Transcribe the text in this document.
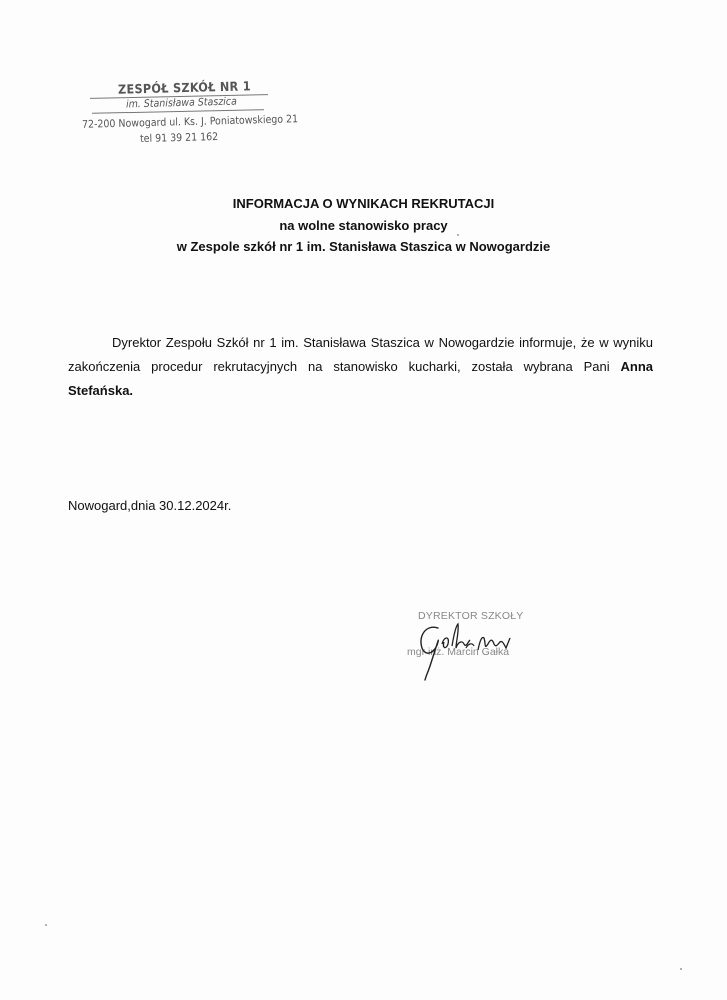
ZESPÓŁ SZKÓŁ NR 1
im. Stanisława Staszica
72-200 Nowogard ul. Ks. J. Poniatowskiego 21
tel 91 39 21 162
INFORMACJA O WYNIKACH REKRUTACJI
na wolne stanowisko pracy
w Zespole szkół nr 1 im. Stanisława Staszica w Nowogardzie
Dyrektor Zespołu Szkół nr 1 im. Stanisława Staszica w Nowogardzie informuje, że w wyniku zakończenia procedur rekrutacyjnych na stanowisko kucharki, została wybrana Pani Anna Stefańska.
Nowogard,dnia 30.12.2024r.
DYREKTOR SZKOŁY
mgr inż. Marcin Gałka
